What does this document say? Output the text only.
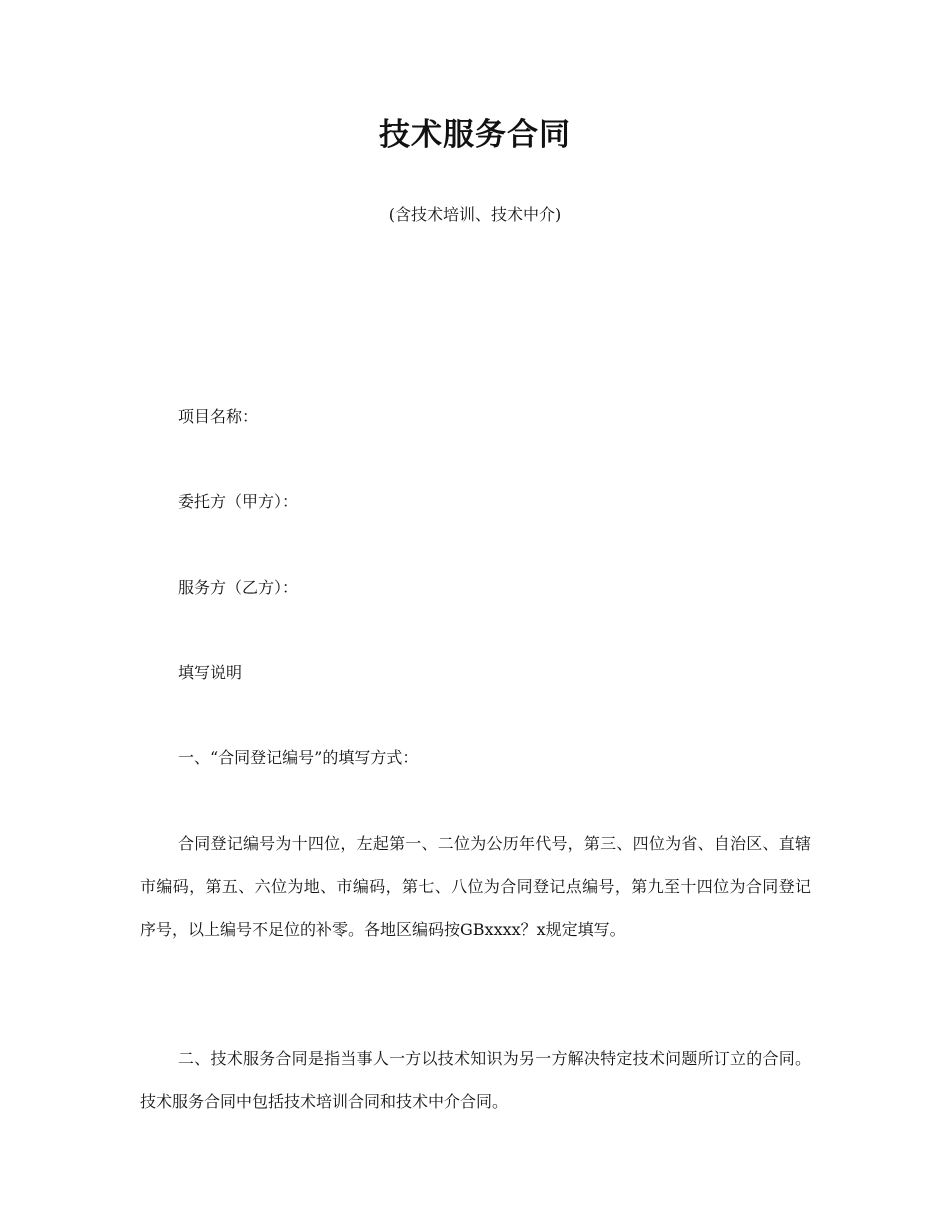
技术服务合同
(含技术培训、技术中介)
项目名称：
委托方（甲方）：
服务方（乙方）：
填写说明
一、“合同登记编号”的填写方式：

合同登记编号为十四位，左起第一、二位为公历年代号，第三、四位为省、自治区、直辖市编码，第五、六位为地、市编码，第七、八位为合同登记点编号，第九至十四位为合同登记序号，以上编号不足位的补零。各地区编码按GBxxxx？x规定填写。

二、技术服务合同是指当事人一方以技术知识为另一方解决特定技术问题所订立的合同。技术服务合同中包括技术培训合同和技术中介合同。
